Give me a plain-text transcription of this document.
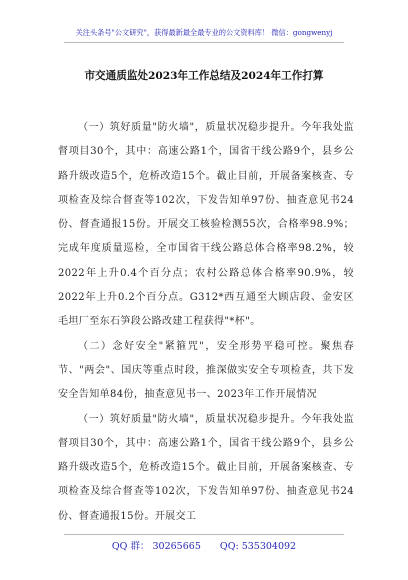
关注头条号"公文研究"，获得最新最全最专业的公文资料库！ 微信：gongwenyj
市交通质监处2023年工作总结及2024年工作打算

（一）筑好质量"防火墙"，质量状况稳步提升。今年我处监督项目30个，其中：高速公路1个，国省干线公路9个，县乡公路升级改造5个，危桥改造15个。截止目前，开展备案核查、专项检查及综合督查等102次，下发告知单97份、抽查意见书24份、督查通报15份。开展交工核验检测55次，合格率98.9%；完成年度质量巡检，全市国省干线公路总体合格率98.2%，较2022年上升0.4个百分点；农村公路总体合格率90.9%，较2022年上升0.2个百分点。G312*西互通至大顾店段、金安区毛坦厂至东石笋段公路改建工程获得"*杯"。

（二）念好安全"紧箍咒"，安全形势平稳可控。聚焦春节、"两会"、国庆等重点时段，推深做实安全专项检查，共下发安全告知单84份，抽查意见书一、2023年工作开展情况

（一）筑好质量"防火墙"，质量状况稳步提升。今年我处监督项目30个，其中：高速公路1个，国省干线公路9个，县乡公路升级改造5个，危桥改造15个。截止目前，开展备案核查、专项检查及综合督查等102次，下发告知单97份、抽查意见书24份、督查通报15份。开展交工

QQ 群： 30265665 QQ: 535304092
